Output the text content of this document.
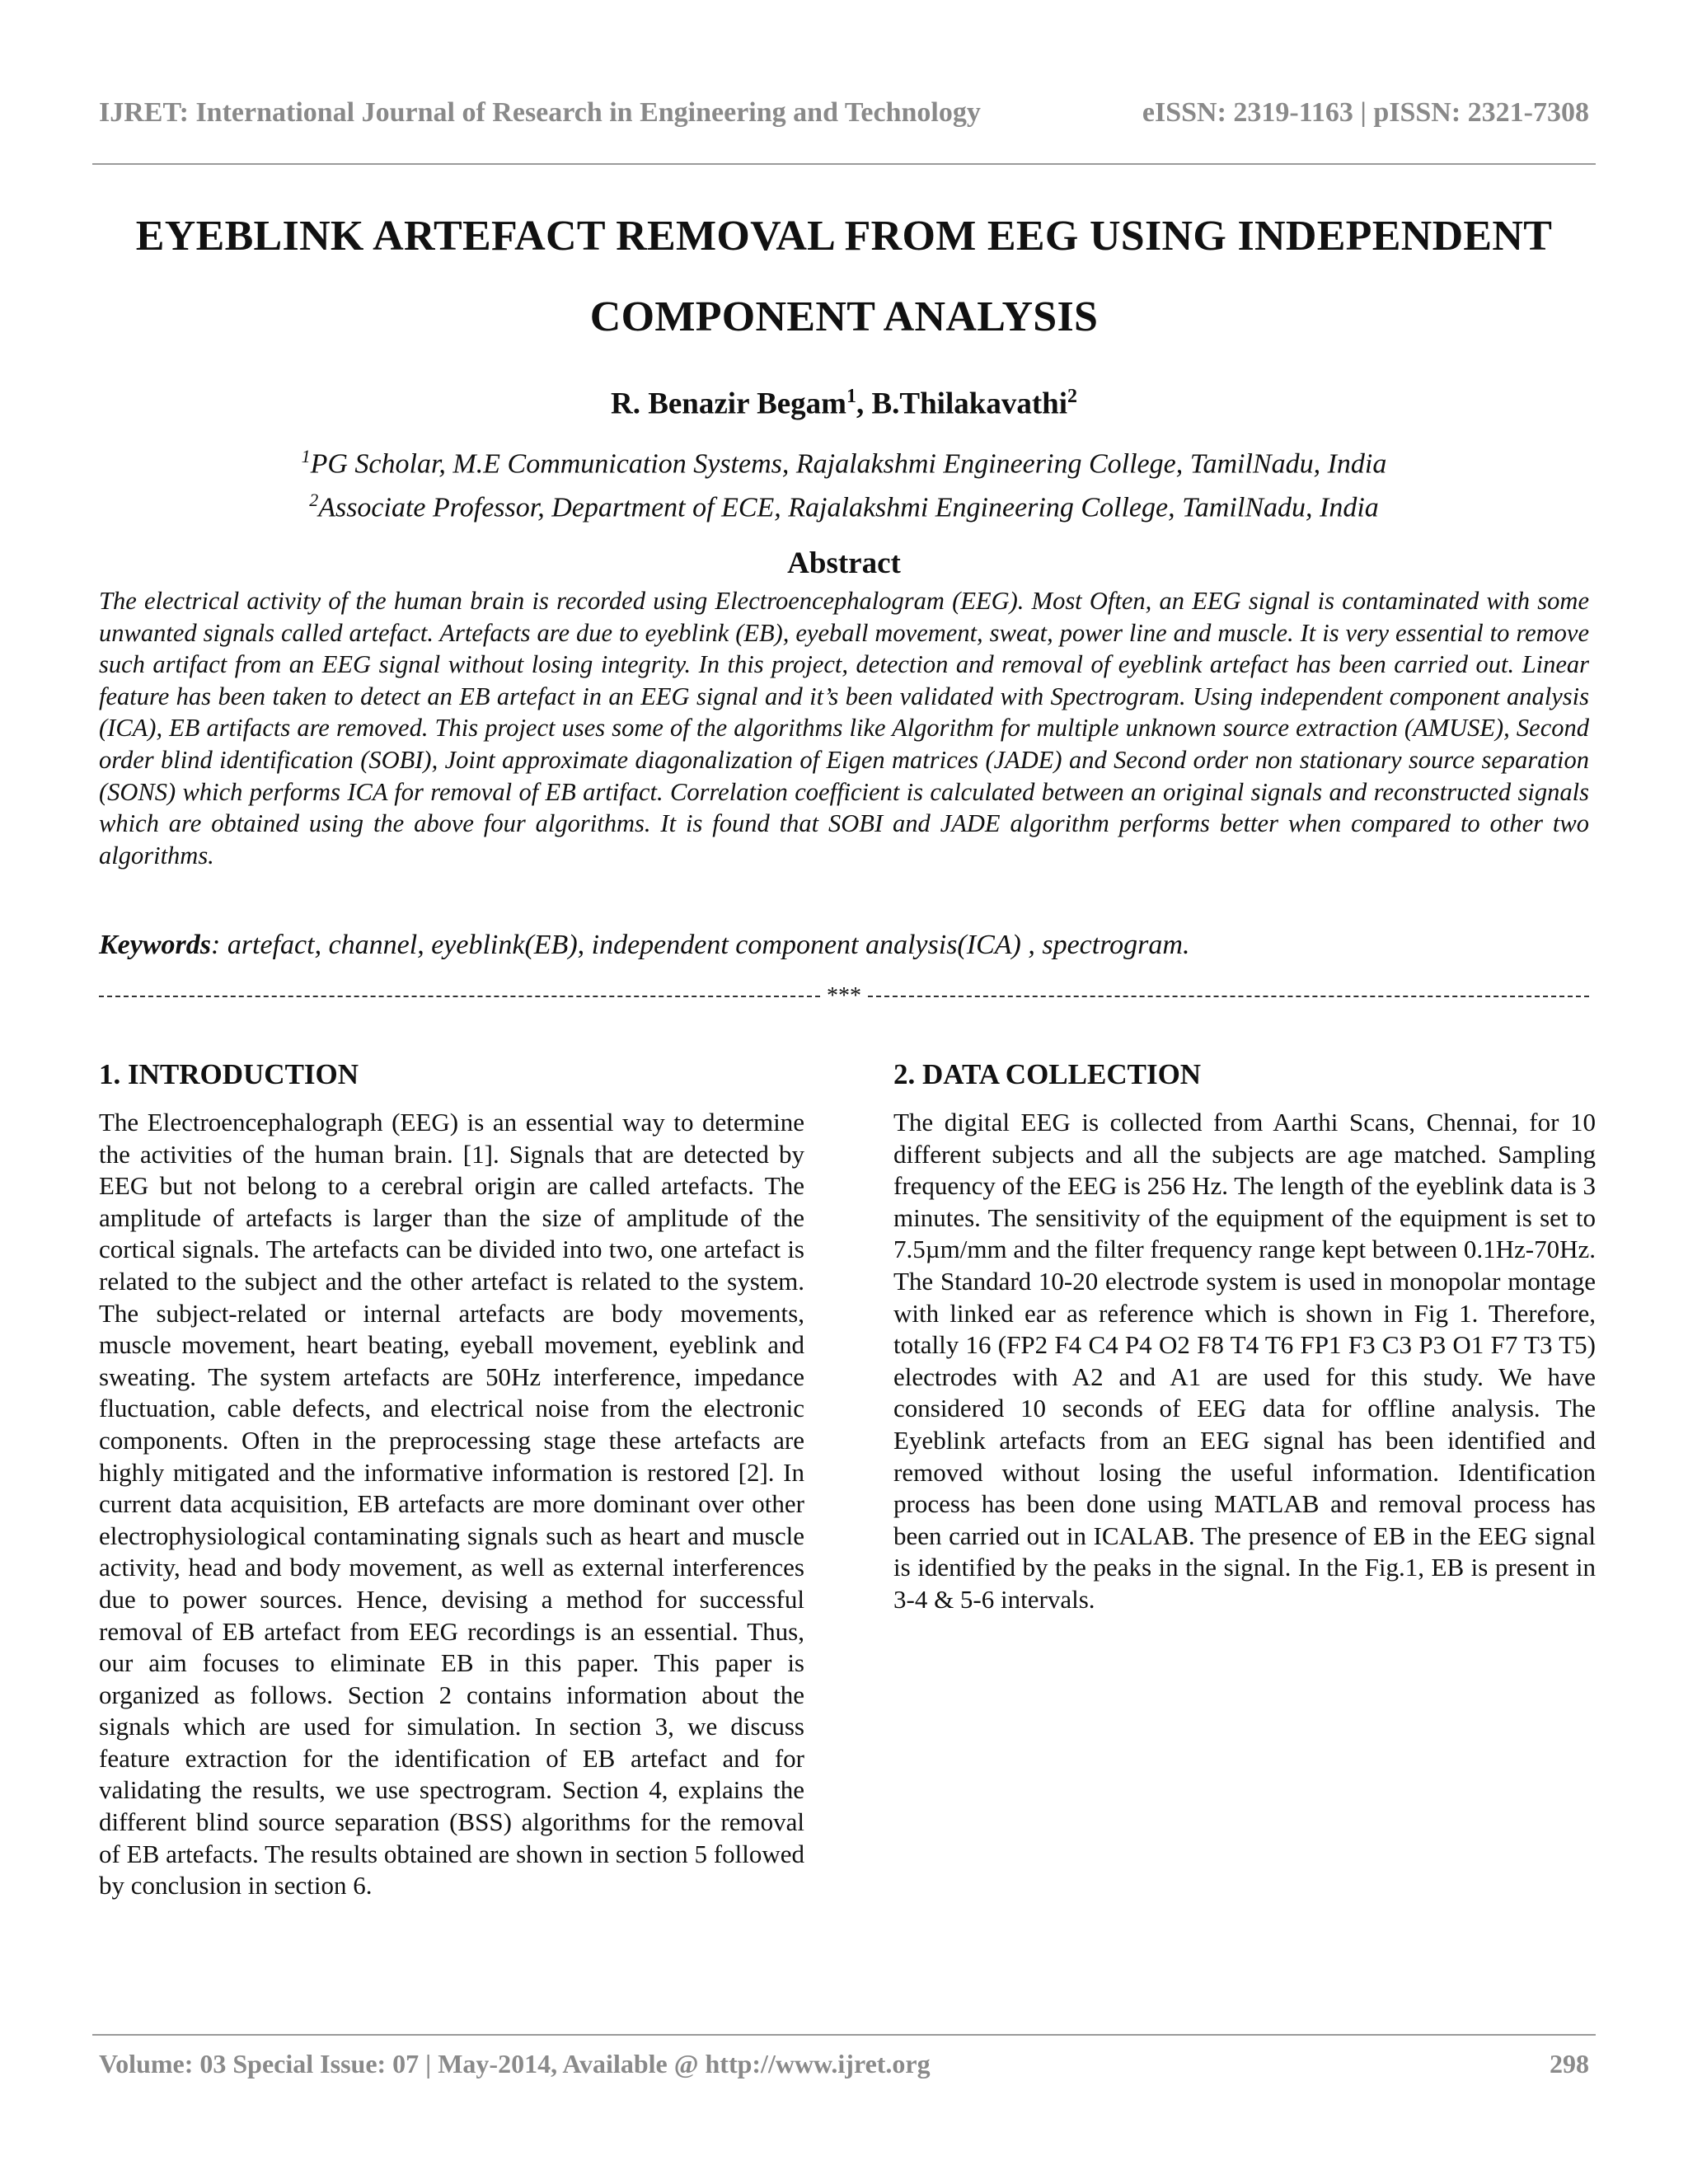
IJRET: International Journal of Research in Engineering and Technology	eISSN: 2319-1163 | pISSN: 2321-7308
EYEBLINK ARTEFACT REMOVAL FROM EEG USING INDEPENDENT
COMPONENT ANALYSIS
R. Benazir Begam$^1$, B.Thilakavathi$^2$
$^1$PG Scholar, M.E Communication Systems, Rajalakshmi Engineering College, TamilNadu, India
$^2$Associate Professor, Department of ECE, Rajalakshmi Engineering College, TamilNadu, India
Abstract
The electrical activity of the human brain is recorded using Electroencephalogram (EEG). Most Often, an EEG signal is contaminated with some unwanted signals called artefact. Artefacts are due to eyeblink (EB), eyeball movement, sweat, power line and muscle. It is very essential to remove such artifact from an EEG signal without losing integrity. In this project, detection and removal of eyeblink artefact has been carried out. Linear feature has been taken to detect an EB artefact in an EEG signal and it’s been validated with Spectrogram. Using independent component analysis (ICA), EB artifacts are removed. This project uses some of the algorithms like Algorithm for multiple unknown source extraction (AMUSE), Second order blind identification (SOBI), Joint approximate diagonalization of Eigen matrices (JADE) and Second order non stationary source separation (SONS) which performs ICA for removal of EB artifact. Correlation coefficient is calculated between an original signals and reconstructed signals which are obtained using the above four algorithms. It is found that SOBI and JADE algorithm performs better when compared to other two algorithms.
Keywords: artefact, channel, eyeblink(EB), independent component analysis(ICA) , spectrogram.
***
1. INTRODUCTION
The Electroencephalograph (EEG) is an essential way to determine the activities of the human brain. [1]. Signals that are detected by EEG but not belong to a cerebral origin are called artefacts. The amplitude of artefacts is larger than the size of amplitude of the cortical signals. The artefacts can be divided into two, one artefact is related to the subject and the other artefact is related to the system. The subject-related or internal artefacts are body movements, muscle movement, heart beating, eyeball movement, eyeblink and sweating. The system artefacts are 50Hz interference, impedance fluctuation, cable defects, and electrical noise from the electronic components. Often in the preprocessing stage these artefacts are highly mitigated and the informative information is restored [2]. In current data acquisition, EB artefacts are more dominant over other electrophysiological contaminating signals such as heart and muscle activity, head and body movement, as well as external interferences due to power sources. Hence, devising a method for successful removal of EB artefact from EEG recordings is an essential. Thus, our aim focuses to eliminate EB in this paper. This paper is organized as follows. Section 2 contains information about the signals which are used for simulation. In section 3, we discuss feature extraction for the identification of EB artefact and for validating the results, we use spectrogram. Section 4, explains the different blind source separation (BSS) algorithms for the removal of EB artefacts. The results obtained are shown in section 5 followed by conclusion in section 6.
2. DATA COLLECTION
The digital EEG is collected from Aarthi Scans, Chennai, for 10 different subjects and all the subjects are age matched. Sampling frequency of the EEG is 256 Hz. The length of the eyeblink data is 3 minutes. The sensitivity of the equipment of the equipment is set to 7.5µm/mm and the filter frequency range kept between 0.1Hz-70Hz. The Standard 10-20 electrode system is used in monopolar montage with linked ear as reference which is shown in Fig 1. Therefore, totally 16 (FP2 F4 C4 P4 O2 F8 T4 T6 FP1 F3 C3 P3 O1 F7 T3 T5) electrodes with A2 and A1 are used for this study. We have considered 10 seconds of EEG data for offline analysis. The Eyeblink artefacts from an EEG signal has been identified and removed without losing the useful information. Identification process has been done using MATLAB and removal process has been carried out in ICALAB. The presence of EB in the EEG signal is identified by the peaks in the signal. In the Fig.1, EB is present in 3-4 & 5-6 intervals.
Volume: 03 Special Issue: 07 | May-2014, Available @ http://www.ijret.org	298
